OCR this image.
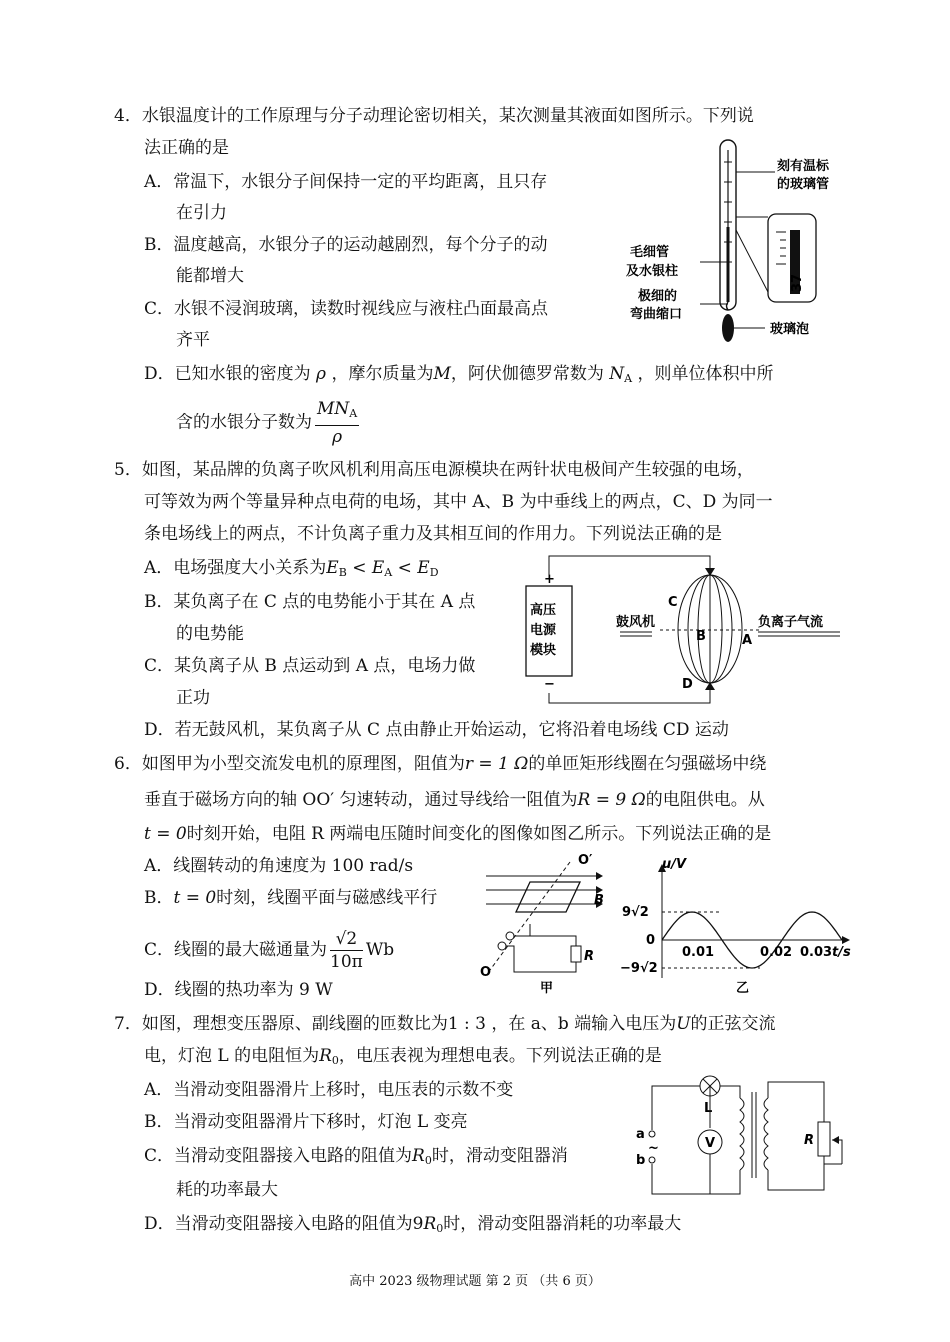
4．水银温度计的工作原理与分子动理论密切相关，某次测量其液面如图所示。下列说
法正确的是
A．常温下，水银分子间保持一定的平均距离，且只存
在引力
B．温度越高，水银分子的运动越剧烈，每个分子的动
能都增大
C．水银不浸润玻璃，读数时视线应与液柱凸面最高点
齐平
D．已知水银的密度为 ρ ，摩尔质量为M，阿伏伽德罗常数为 $N_A$ ，则单位体积中所
含的水银分子数为 $\frac{MN_A}{\rho}$
37
刻有温标
的玻璃管
毛细管
及水银柱
极细的
弯曲缩口
玻璃泡
5．如图，某品牌的负离子吹风机利用高压电源模块在两针状电极间产生较强的电场，
可等效为两个等量异种点电荷的电场，其中 A、B 为中垂线上的两点，C、D 为同一
条电场线上的两点，不计负离子重力及其相互间的作用力。下列说法正确的是
A．电场强度大小关系为$E_B < E_A < E_D$
B．某负离子在 C 点的电势能小于其在 A 点
的电势能
C．某负离子从 B 点运动到 A 点，电场力做
正功
D．若无鼓风机，某负离子从 C 点由静止开始运动，它将沿着电场线 CD 运动
+
高压
电源
模块
−
鼓风机	负离子气流
C
B	A
D
6．如图甲为小型交流发电机的原理图，阻值为r = 1 Ω的单匝矩形线圈在匀强磁场中绕
垂直于磁场方向的轴 OO′ 匀速转动，通过导线给一阻值为R = 9 Ω的电阻供电。从
t = 0时刻开始，电阻 R 两端电压随时间变化的图像如图乙所示。下列说法正确的是
A．线圈转动的角速度为 100 rad/s
B．t = 0时刻，线圈平面与磁感线平行
C．线圈的最大磁通量为 $\frac{√2}{10\pi}$ Wb
D．线圈的热功率为 9 W
O′
B
R
O
甲
u/V
9√2
0
−9√2
0.01	0.02 0.03 t/s
乙
7．如图，理想变压器原、副线圈的匝数比为1 : 3 ，在 a、b 端输入电压为U的正弦交流
电，灯泡 L 的电阻恒为$R_0$，电压表视为理想电表。下列说法正确的是
A．当滑动变阻器滑片上移时，电压表的示数不变
B．当滑动变阻器滑片下移时，灯泡 L 变亮
C．当滑动变阻器接入电路的阻值为$R_0$时，滑动变阻器消
耗的功率最大
D．当滑动变阻器接入电路的阻值为$9R_0$时，滑动变阻器消耗的功率最大
L
a
b
~	V	R
高中 2023 级物理试题 第 2 页 （共 6 页）
